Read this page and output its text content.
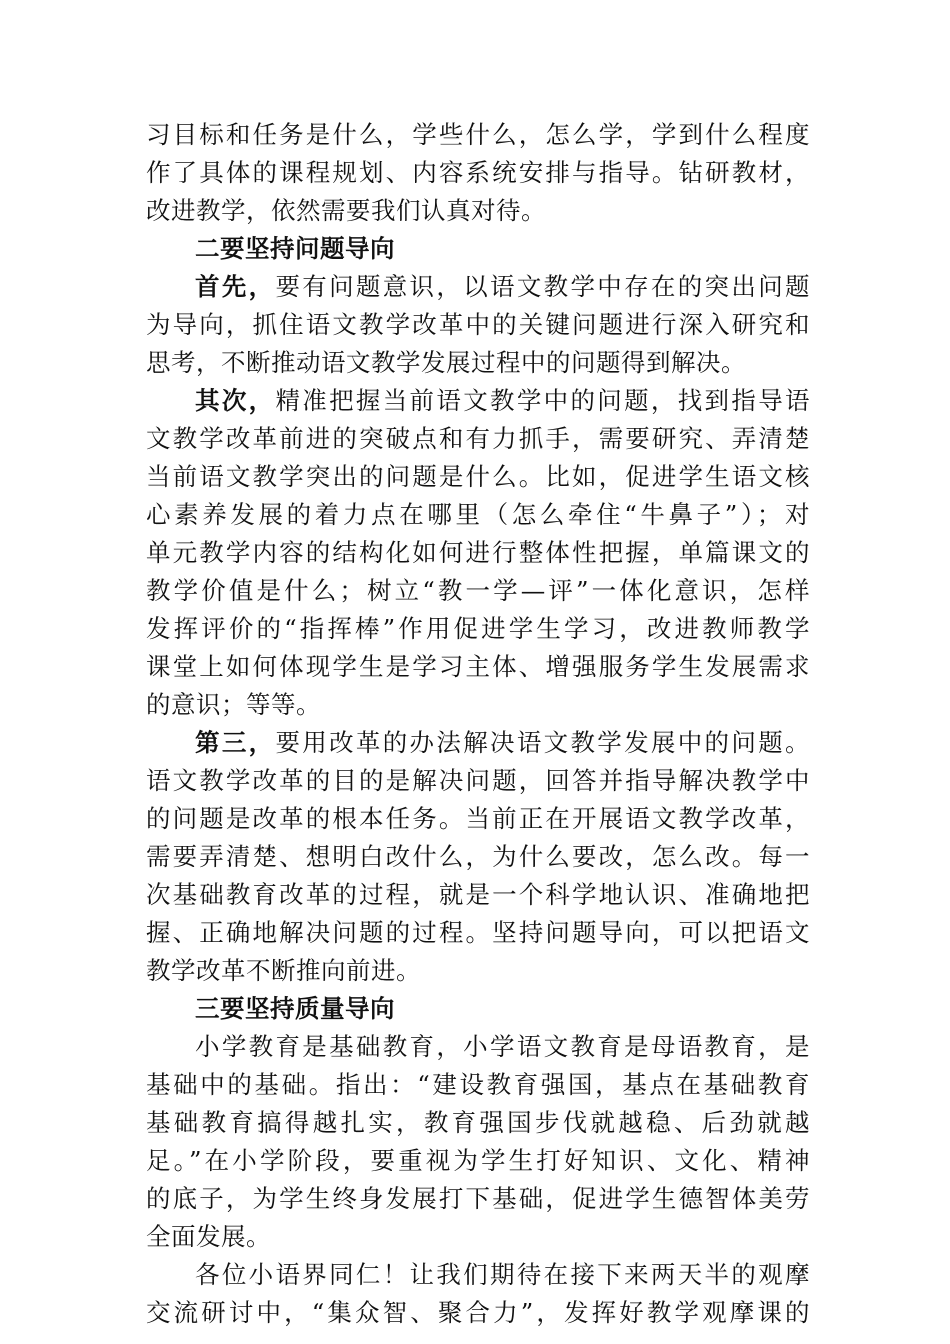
习目标和任务是什么，学些什么，怎么学，学到什么程度
作了具体的课程规划、内容系统安排与指导。钻研教材，
改进教学，依然需要我们认真对待。
二要坚持问题导向
首先，要有问题意识，以语文教学中存在的突出问题
为导向，抓住语文教学改革中的关键问题进行深入研究和
思考，不断推动语文教学发展过程中的问题得到解决。
其次，精准把握当前语文教学中的问题，找到指导语
文教学改革前进的突破点和有力抓手，需要研究、弄清楚
当前语文教学突出的问题是什么。比如，促进学生语文核
心素养发展的着力点在哪里（怎么牵住“牛鼻子”）；对
单元教学内容的结构化如何进行整体性把握，单篇课文的
教学价值是什么；树立“教一学—评”一体化意识，怎样
发挥评价的“指挥棒”作用促进学生学习，改进教师教学
课堂上如何体现学生是学习主体、增强服务学生发展需求
的意识；等等。
第三，要用改革的办法解决语文教学发展中的问题。
语文教学改革的目的是解决问题，回答并指导解决教学中
的问题是改革的根本任务。当前正在开展语文教学改革，
需要弄清楚、想明白改什么，为什么要改，怎么改。每一
次基础教育改革的过程，就是一个科学地认识、准确地把
握、正确地解决问题的过程。坚持问题导向，可以把语文
教学改革不断推向前进。
三要坚持质量导向
小学教育是基础教育，小学语文教育是母语教育，是
基础中的基础。指出：“建设教育强国，基点在基础教育
基础教育搞得越扎实，教育强国步伐就越稳、后劲就越
足。”在小学阶段，要重视为学生打好知识、文化、精神
的底子，为学生终身发展打下基础，促进学生德智体美劳
全面发展。
各位小语界同仁！让我们期待在接下来两天半的观摩
交流研讨中，“集众智、聚合力”，发挥好教学观摩课的
